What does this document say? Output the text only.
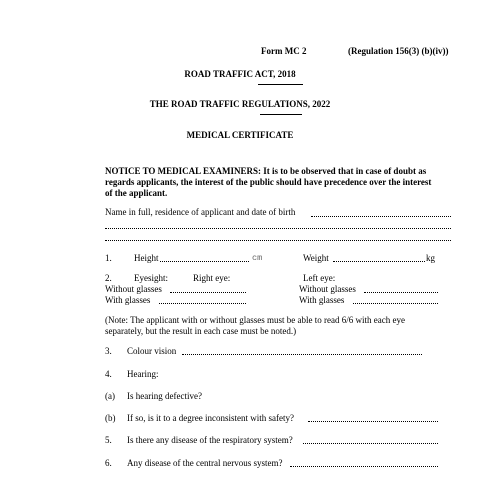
Form MC 2	(Regulation 156(3) (b)(iv))
ROAD TRAFFIC ACT, 2018
THE ROAD TRAFFIC REGULATIONS, 2022
MEDICAL CERTIFICATE
NOTICE TO MEDICAL EXAMINERS: It is to be observed that in case of doubt as
regards applicants, the interest of the public should have precedence over the interest
of the applicant.
Name in full, residence of applicant and date of birth
1. Height	cm	Weight	kg
2. Eyesight:	Right eye:	Left eye:
Without glasses	Without glasses
With glasses	With glasses
(Note: The applicant with or without glasses must be able to read 6/6 with each eye
separately, but the result in each case must be noted.)
3. Colour vision
4. Hearing:
(a) Is hearing defective?
(b) If so, is it to a degree inconsistent with safety?
5. Is there any disease of the respiratory system?
6. Any disease of the central nervous system?
